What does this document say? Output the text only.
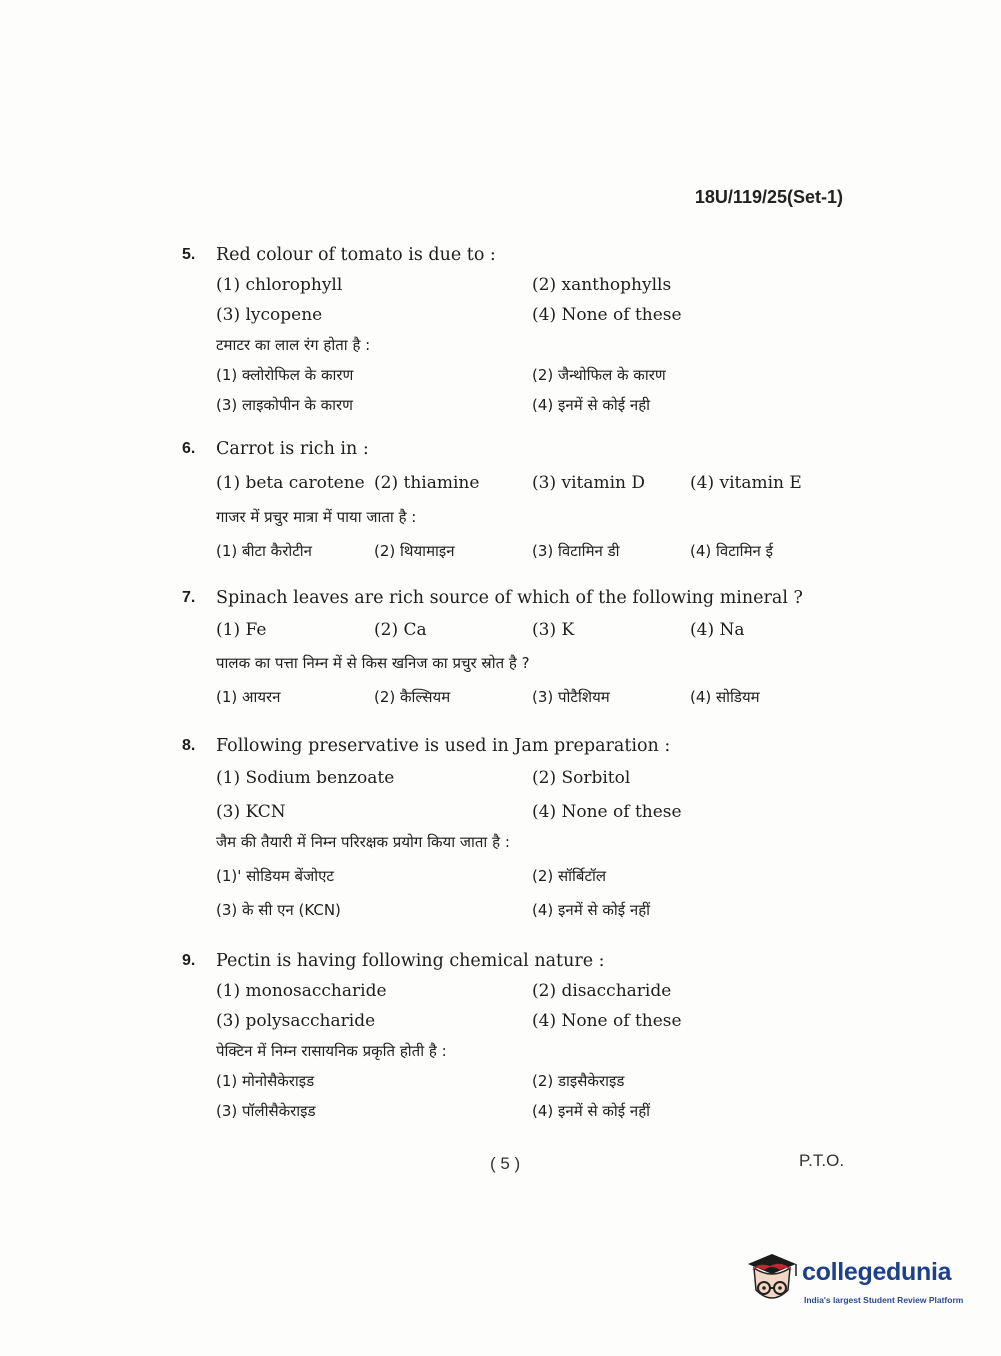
18U/119/25(Set-1)
5. Red colour of tomato is due to :
(1) chlorophyll	(2) xanthophylls
(3) lycopene	(4) None of these
टमाटर का लाल रंग होता है :
(1) क्लोरोफिल के कारण	(2) जैन्थोफिल के कारण
(3) लाइकोपीन के कारण	(4) इनमें से कोई नही
6. Carrot is rich in :
(1) beta carotene (2) thiamine	(3) vitamin D	(4) vitamin E
गाजर में प्रचुर मात्रा में पाया जाता है :
(1) बीटा कैरोटीन	(2) थियामाइन	(3) विटामिन डी	(4) विटामिन ई
7. Spinach leaves are rich source of which of the following mineral ?
(1) Fe	(2) Ca	(3) K	(4) Na
पालक का पत्ता निम्न में से किस खनिज का प्रचुर स्रोत है ?
(1) आयरन	(2) कैल्सियम	(3) पोटैशियम	(4) सोडियम
8. Following preservative is used in Jam preparation :
(1) Sodium benzoate	(2) Sorbitol
(3) KCN	(4) None of these
जैम की तैयारी में निम्न परिरक्षक प्रयोग किया जाता है :
(1)' सोडियम बेंजोएट	(2) सॉर्बिटॉल
(3) के सी एन (KCN)	(4) इनमें से कोई नहीं
9. Pectin is having following chemical nature :
(1) monosaccharide	(2) disaccharide
(3) polysaccharide	(4) None of these
पेक्टिन में निम्न रासायनिक प्रकृति होती है :
(1) मोनोसैकेराइड	(2) डाइसैकेराइड
(3) पॉलीसैकेराइड	(4) इनमें से कोई नहीं
( 5 )	P.T.O.
collegedunia
India's largest Student Review Platform
